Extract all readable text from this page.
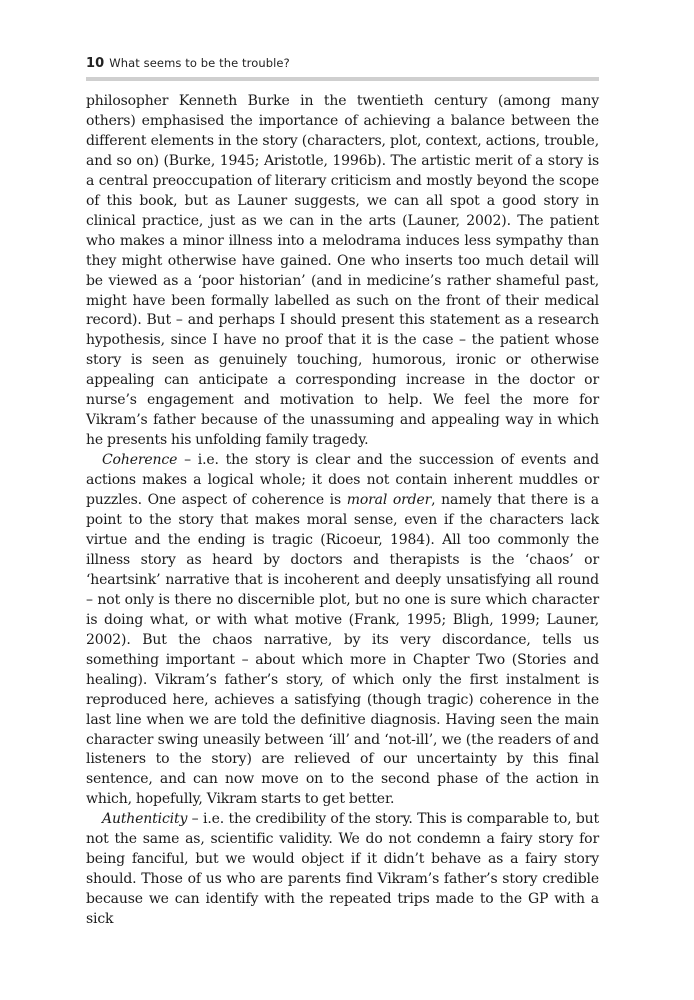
10 What seems to be the trouble?

philosopher Kenneth Burke in the twentieth century (among many others) emphasised the importance of achieving a balance between the different elements in the story (characters, plot, context, actions, trouble, and so on) (Burke, 1945; Aristotle, 1996b). The artistic merit of a story is a central preoccupation of literary criticism and mostly beyond the scope of this book, but as Launer suggests, we can all spot a good story in clinical practice, just as we can in the arts (Launer, 2002). The patient who makes a minor illness into a melodrama induces less sympathy than they might otherwise have gained. One who inserts too much detail will be viewed as a ‘poor historian’ (and in medicine’s rather shameful past, might have been formally labelled as such on the front of their medical record). But – and perhaps I should present this statement as a research hypothesis, since I have no proof that it is the case – the patient whose story is seen as genuinely touching, humorous, ironic or otherwise appealing can anticipate a corresponding increase in the doctor or nurse’s engagement and motivation to help. We feel the more for Vikram’s father because of the unassuming and appealing way in which he presents his unfolding family tragedy.

Coherence – i.e. the story is clear and the succession of events and actions makes a logical whole; it does not contain inherent muddles or puzzles. One aspect of coherence is moral order, namely that there is a point to the story that makes moral sense, even if the characters lack virtue and the ending is tragic (Ricoeur, 1984). All too commonly the illness story as heard by doctors and therapists is the ‘chaos’ or ‘heartsink’ narrative that is incoherent and deeply unsatisfying all round – not only is there no discernible plot, but no one is sure which character is doing what, or with what motive (Frank, 1995; Bligh, 1999; Launer, 2002). But the chaos narrative, by its very discordance, tells us something important – about which more in Chapter Two (Stories and healing). Vikram’s father’s story, of which only the first instalment is reproduced here, achieves a satisfying (though tragic) coherence in the last line when we are told the definitive diagnosis. Having seen the main character swing uneasily between ‘ill’ and ‘not-ill’, we (the readers of and listeners to the story) are relieved of our uncertainty by this final sentence, and can now move on to the second phase of the action in which, hopefully, Vikram starts to get better.

Authenticity – i.e. the credibility of the story. This is comparable to, but not the same as, scientific validity. We do not condemn a fairy story for being fanciful, but we would object if it didn’t behave as a fairy story should. Those of us who are parents find Vikram’s father’s story credible because we can identify with the repeated trips made to the GP with a sick
